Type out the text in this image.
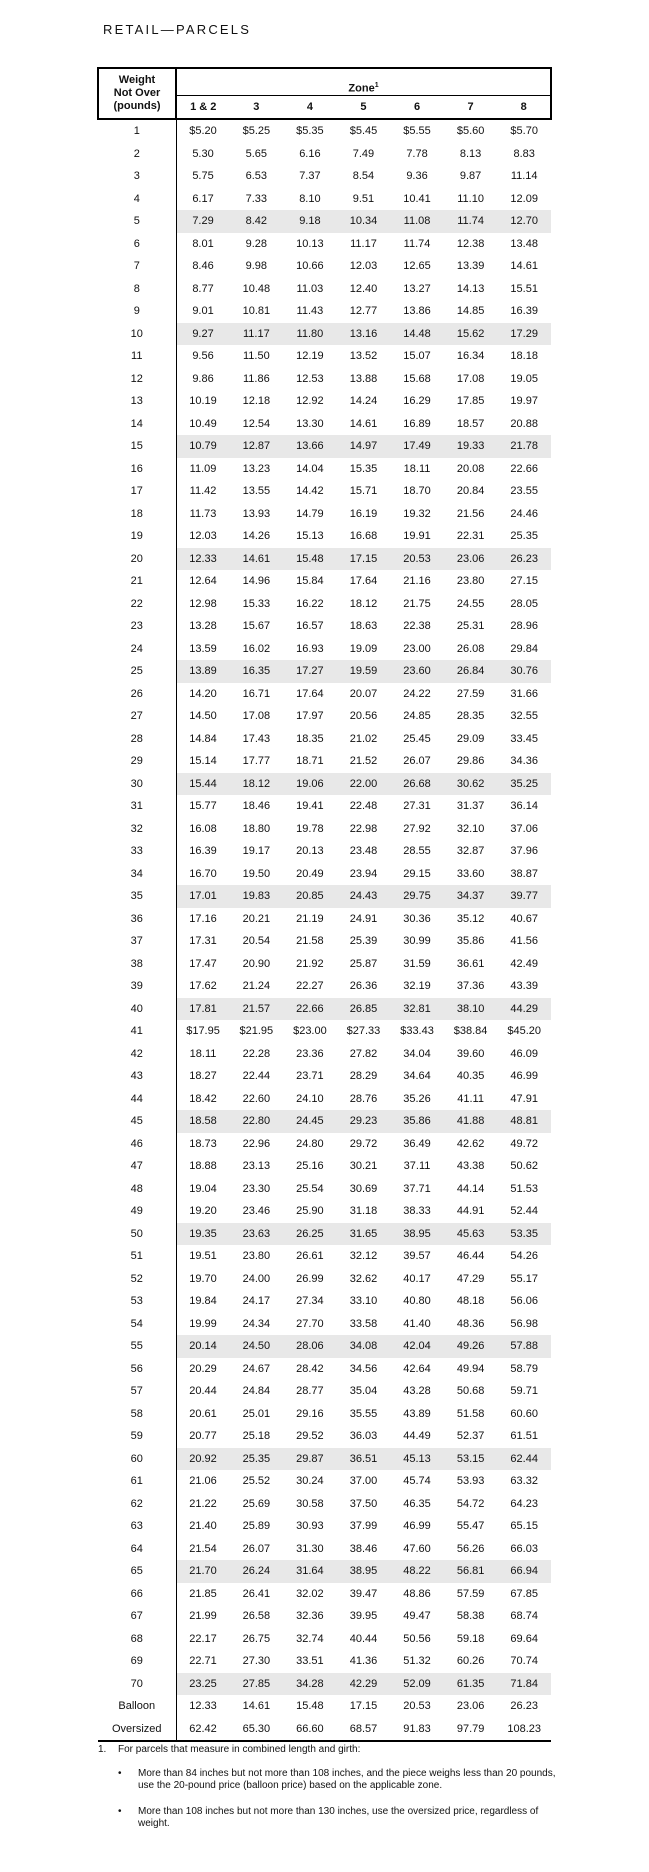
RETAIL—PARCELS
Weight
Not Over
(pounds)	Zone$^1$
	1 & 2	3	4	5	6	7	8
1	$5.20	$5.25	$5.35	$5.45	$5.55	$5.60	$5.70
2	5.30	5.65	6.16	7.49	7.78	8.13	8.83
3	5.75	6.53	7.37	8.54	9.36	9.87	11.14
4	6.17	7.33	8.10	9.51	10.41	11.10	12.09
5	7.29	8.42	9.18	10.34	11.08	11.74	12.70
6	8.01	9.28	10.13	11.17	11.74	12.38	13.48
7	8.46	9.98	10.66	12.03	12.65	13.39	14.61
8	8.77	10.48	11.03	12.40	13.27	14.13	15.51
9	9.01	10.81	11.43	12.77	13.86	14.85	16.39
10	9.27	11.17	11.80	13.16	14.48	15.62	17.29
11	9.56	11.50	12.19	13.52	15.07	16.34	18.18
12	9.86	11.86	12.53	13.88	15.68	17.08	19.05
13	10.19	12.18	12.92	14.24	16.29	17.85	19.97
14	10.49	12.54	13.30	14.61	16.89	18.57	20.88
15	10.79	12.87	13.66	14.97	17.49	19.33	21.78
16	11.09	13.23	14.04	15.35	18.11	20.08	22.66
17	11.42	13.55	14.42	15.71	18.70	20.84	23.55
18	11.73	13.93	14.79	16.19	19.32	21.56	24.46
19	12.03	14.26	15.13	16.68	19.91	22.31	25.35
20	12.33	14.61	15.48	17.15	20.53	23.06	26.23
21	12.64	14.96	15.84	17.64	21.16	23.80	27.15
22	12.98	15.33	16.22	18.12	21.75	24.55	28.05
23	13.28	15.67	16.57	18.63	22.38	25.31	28.96
24	13.59	16.02	16.93	19.09	23.00	26.08	29.84
25	13.89	16.35	17.27	19.59	23.60	26.84	30.76
26	14.20	16.71	17.64	20.07	24.22	27.59	31.66
27	14.50	17.08	17.97	20.56	24.85	28.35	32.55
28	14.84	17.43	18.35	21.02	25.45	29.09	33.45
29	15.14	17.77	18.71	21.52	26.07	29.86	34.36
30	15.44	18.12	19.06	22.00	26.68	30.62	35.25
31	15.77	18.46	19.41	22.48	27.31	31.37	36.14
32	16.08	18.80	19.78	22.98	27.92	32.10	37.06
33	16.39	19.17	20.13	23.48	28.55	32.87	37.96
34	16.70	19.50	20.49	23.94	29.15	33.60	38.87
35	17.01	19.83	20.85	24.43	29.75	34.37	39.77
36	17.16	20.21	21.19	24.91	30.36	35.12	40.67
37	17.31	20.54	21.58	25.39	30.99	35.86	41.56
38	17.47	20.90	21.92	25.87	31.59	36.61	42.49
39	17.62	21.24	22.27	26.36	32.19	37.36	43.39
40	17.81	21.57	22.66	26.85	32.81	38.10	44.29
41	$17.95	$21.95	$23.00	$27.33	$33.43	$38.84	$45.20
42	18.11	22.28	23.36	27.82	34.04	39.60	46.09
43	18.27	22.44	23.71	28.29	34.64	40.35	46.99
44	18.42	22.60	24.10	28.76	35.26	41.11	47.91
45	18.58	22.80	24.45	29.23	35.86	41.88	48.81
46	18.73	22.96	24.80	29.72	36.49	42.62	49.72
47	18.88	23.13	25.16	30.21	37.11	43.38	50.62
48	19.04	23.30	25.54	30.69	37.71	44.14	51.53
49	19.20	23.46	25.90	31.18	38.33	44.91	52.44
50	19.35	23.63	26.25	31.65	38.95	45.63	53.35
51	19.51	23.80	26.61	32.12	39.57	46.44	54.26
52	19.70	24.00	26.99	32.62	40.17	47.29	55.17
53	19.84	24.17	27.34	33.10	40.80	48.18	56.06
54	19.99	24.34	27.70	33.58	41.40	48.36	56.98
55	20.14	24.50	28.06	34.08	42.04	49.26	57.88
56	20.29	24.67	28.42	34.56	42.64	49.94	58.79
57	20.44	24.84	28.77	35.04	43.28	50.68	59.71
58	20.61	25.01	29.16	35.55	43.89	51.58	60.60
59	20.77	25.18	29.52	36.03	44.49	52.37	61.51
60	20.92	25.35	29.87	36.51	45.13	53.15	62.44
61	21.06	25.52	30.24	37.00	45.74	53.93	63.32
62	21.22	25.69	30.58	37.50	46.35	54.72	64.23
63	21.40	25.89	30.93	37.99	46.99	55.47	65.15
64	21.54	26.07	31.30	38.46	47.60	56.26	66.03
65	21.70	26.24	31.64	38.95	48.22	56.81	66.94
66	21.85	26.41	32.02	39.47	48.86	57.59	67.85
67	21.99	26.58	32.36	39.95	49.47	58.38	68.74
68	22.17	26.75	32.74	40.44	50.56	59.18	69.64
69	22.71	27.30	33.51	41.36	51.32	60.26	70.74
70	23.25	27.85	34.28	42.29	52.09	61.35	71.84
Balloon	12.33	14.61	15.48	17.15	20.53	23.06	26.23
Oversized	62.42	65.30	66.60	68.57	91.83	97.79	108.23
1.	For parcels that measure in combined length and girth:
• More than 84 inches but not more than 108 inches, and the piece weighs less than 20 pounds, use the 20-pound price (balloon price) based on the applicable zone.
• More than 108 inches but not more than 130 inches, use the oversized price, regardless of weight.
